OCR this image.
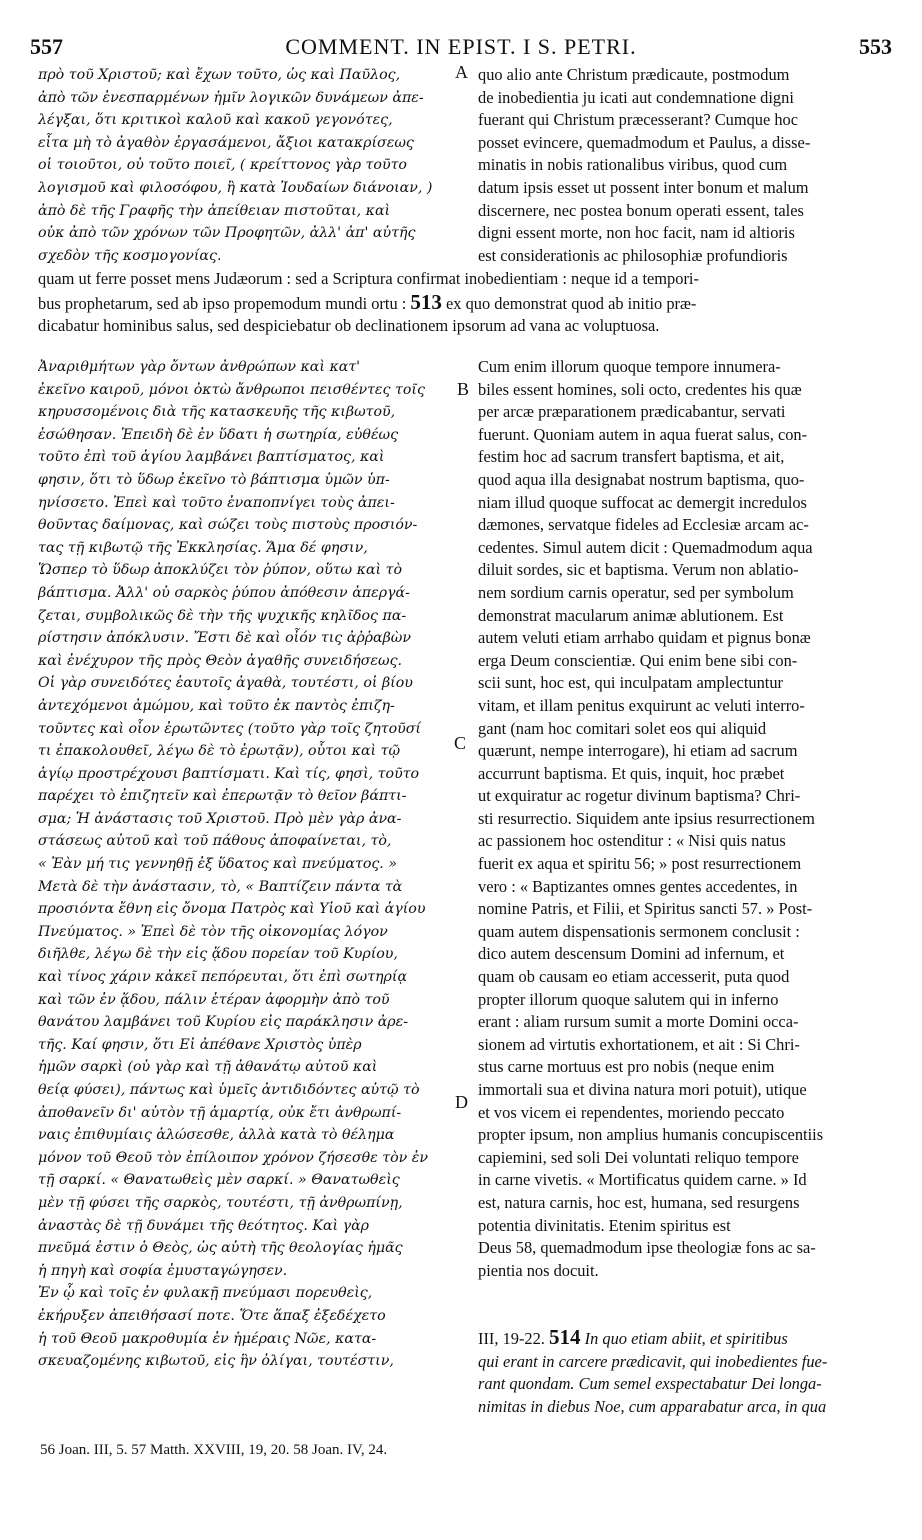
557	COMMENT. IN EPIST. I S. PETRI.	553
A
B
C
D
πρὸ τοῦ Χριστοῦ; καὶ ἔχων τοῦτο, ὡς καὶ Παῦλος,
ἀπὸ τῶν ἐνεσπαρμένων ἡμῖν λογικῶν δυνάμεων ἀπε-
λέγξαι, ὅτι κριτικοὶ καλοῦ καὶ κακοῦ γεγονότες,
εἶτα μὴ τὸ ἀγαθὸν ἐργασάμενοι, ἄξιοι κατακρίσεως
οἱ τοιοῦτοι, οὐ τοῦτο ποιεῖ, ( κρείττονος γὰρ τοῦτο
λογισμοῦ καὶ φιλοσόφου, ἢ κατὰ Ἰουδαίων διάνοιαν, )
ἀπὸ δὲ τῆς Γραφῆς τὴν ἀπείθειαν πιστοῦται, καὶ
οὐκ ἀπὸ τῶν χρόνων τῶν Προφητῶν, ἀλλ' ἀπ' αὐτῆς
σχεδὸν τῆς κοσμογονίας.
quo alio ante Christum prædicaute, postmodum
de inobedientia ju icati aut condemnatione digni
fuerant qui Christum præcesserant? Cumque hoc
posset evincere, quemadmodum et Paulus, a disse-
minatis in nobis rationalibus viribus, quod cum
datum ipsis esset ut possent inter bonum et malum
discernere, nec postea bonum operati essent, tales
digni essent morte, non hoc facit, nam id altioris
est considerationis ac philosophiæ profundioris
quam ut ferre posset mens Judæorum : sed a Scriptura confirmat inobedientiam : neque id a tempori-
bus prophetarum, sed ab ipso propemodum mundi ortu : 513 ex quo demonstrat quod ab initio præ-
dicabatur hominibus salus, sed despiciebatur ob declinationem ipsorum ad vana ac voluptuosa.
Ἀναριθμήτων γὰρ ὄντων ἀνθρώπων καὶ κατ'
ἐκεῖνο καιροῦ, μόνοι ὀκτὼ ἄνθρωποι πεισθέντες τοῖς
κηρυσσομένοις διὰ τῆς κατασκευῆς τῆς κιβωτοῦ,
ἐσώθησαν. Ἐπειδὴ δὲ ἐν ὕδατι ἡ σωτηρία, εὐθέως
τοῦτο ἐπὶ τοῦ ἁγίου λαμβάνει βαπτίσματος, καὶ
φησιν, ὅτι τὸ ὕδωρ ἐκεῖνο τὸ βάπτισμα ὑμῶν ὑπ-
ηνίσσετο. Ἐπεὶ καὶ τοῦτο ἐναποπνίγει τοὺς ἀπει-
θοῦντας δαίμονας, καὶ σώζει τοὺς πιστοὺς προσιόν-
τας τῇ κιβωτῷ τῆς Ἐκκλησίας. Ἅμα δέ φησιν,
Ὥσπερ τὸ ὕδωρ ἀποκλύζει τὸν ῥύπον, οὕτω καὶ τὸ
βάπτισμα. Ἀλλ' οὐ σαρκὸς ῥύπου ἀπόθεσιν ἀπεργά-
ζεται, συμβολικῶς δὲ τὴν τῆς ψυχικῆς κηλῖδος πα-
ρίστησιν ἀπόκλυσιν. Ἔστι δὲ καὶ οἷόν τις ἀῤῥαβὼν
καὶ ἐνέχυρον τῆς πρὸς Θεὸν ἀγαθῆς συνειδήσεως.
Οἱ γὰρ συνειδότες ἑαυτοῖς ἀγαθὰ, τουτέστι, οἱ βίου
ἀντεχόμενοι ἀμώμου, καὶ τοῦτο ἐκ παντὸς ἐπιζη-
τοῦντες καὶ οἷον ἐρωτῶντες (τοῦτο γὰρ τοῖς ζητοῦσί
τι ἐπακολουθεῖ, λέγω δὲ τὸ ἐρωτᾷν), οὗτοι καὶ τῷ
ἁγίῳ προστρέχουσι βαπτίσματι. Καὶ τίς, φησὶ, τοῦτο
παρέχει τὸ ἐπιζητεῖν καὶ ἐπερωτᾷν τὸ θεῖον βάπτι-
σμα; Ἡ ἀνάστασις τοῦ Χριστοῦ. Πρὸ μὲν γὰρ ἀνα-
στάσεως αὐτοῦ καὶ τοῦ πάθους ἀποφαίνεται, τὸ,
« Ἐὰν μή τις γεννηθῇ ἐξ ὕδατος καὶ πνεύματος. »
Μετὰ δὲ τὴν ἀνάστασιν, τὸ, « Βαπτίζειν πάντα τὰ
προσιόντα ἔθνη εἰς ὄνομα Πατρὸς καὶ Υἱοῦ καὶ ἁγίου
Πνεύματος. » Ἐπεὶ δὲ τὸν τῆς οἰκονομίας λόγον
διῆλθε, λέγω δὲ τὴν εἰς ᾅδου πορείαν τοῦ Κυρίου,
καὶ τίνος χάριν κἀκεῖ πεπόρευται, ὅτι ἐπὶ σωτηρίᾳ
καὶ τῶν ἐν ᾅδου, πάλιν ἑτέραν ἀφορμὴν ἀπὸ τοῦ
θανάτου λαμβάνει τοῦ Κυρίου εἰς παράκλησιν ἀρε-
τῆς. Καί φησιν, ὅτι Εἰ ἀπέθανε Χριστὸς ὑπὲρ
ἡμῶν σαρκὶ (οὐ γὰρ καὶ τῇ ἀθανάτῳ αὐτοῦ καὶ
θείᾳ φύσει), πάντως καὶ ὑμεῖς ἀντιδιδόντες αὐτῷ τὸ
ἀποθανεῖν δι' αὐτὸν τῇ ἁμαρτίᾳ, οὐκ ἔτι ἀνθρωπί-
ναις ἐπιθυμίαις ἁλώσεσθε, ἀλλὰ κατὰ τὸ θέλημα
μόνον τοῦ Θεοῦ τὸν ἐπίλοιπον χρόνον ζήσεσθε τὸν ἐν
τῇ σαρκί. « Θανατωθεὶς μὲν σαρκί. » Θανατωθεὶς
μὲν τῇ φύσει τῆς σαρκὸς, τουτέστι, τῇ ἀνθρωπίνῃ,
ἀναστὰς δὲ τῇ δυνάμει τῆς θεότητος. Καὶ γὰρ
πνεῦμά ἐστιν ὁ Θεὸς, ὡς αὐτὴ τῆς θεολογίας ἡμᾶς
ἡ πηγὴ καὶ σοφία ἐμυσταγώγησεν.
Ἐν ᾧ καὶ τοῖς ἐν φυλακῇ πνεύμασι πορευθεὶς,
ἐκήρυξεν ἀπειθήσασί ποτε. Ὅτε ἅπαξ ἐξεδέχετο
ἡ τοῦ Θεοῦ μακροθυμία ἐν ἡμέραις Νῶε, κατα-
σκευαζομένης κιβωτοῦ, εἰς ἣν ὀλίγαι, τουτέστιν,
Cum enim illorum quoque tempore innumera-
biles essent homines, soli octo, credentes his quæ
per arcæ præparationem prædicabantur, servati
fuerunt. Quoniam autem in aqua fuerat salus, con-
festim hoc ad sacrum transfert baptisma, et ait,
quod aqua illa designabat nostrum baptisma, quo-
niam illud quoque suffocat ac demergit incredulos
dæmones, servatque fideles ad Ecclesiæ arcam ac-
cedentes. Simul autem dicit : Quemadmodum aqua
diluit sordes, sic et baptisma. Verum non ablatio-
nem sordium carnis operatur, sed per symbolum
demonstrat macularum animæ ablutionem. Est
autem veluti etiam arrhabo quidam et pignus bonæ
erga Deum conscientiæ. Qui enim bene sibi con-
scii sunt, hoc est, qui inculpatam amplectuntur
vitam, et illam penitus exquirunt ac veluti interro-
gant (nam hoc comitari solet eos qui aliquid
quærunt, nempe interrogare), hi etiam ad sacrum
accurrunt baptisma. Et quis, inquit, hoc præbet
ut exquiratur ac rogetur divinum baptisma? Chri-
sti resurrectio. Siquidem ante ipsius resurrectionem
ac passionem hoc ostenditur : « Nisi quis natus
fuerit ex aqua et spiritu 56; » post resurrectionem
vero : « Baptizantes omnes gentes accedentes, in
nomine Patris, et Filii, et Spiritus sancti 57. » Post-
quam autem dispensationis sermonem conclusit :
dico autem descensum Domini ad infernum, et
quam ob causam eo etiam accesserit, puta quod
propter illorum quoque salutem qui in inferno
erant : aliam rursum sumit a morte Domini occa-
sionem ad virtutis exhortationem, et ait : Si Chri-
stus carne mortuus est pro nobis (neque enim
immortali sua et divina natura mori potuit), utique
et vos vicem ei rependentes, moriendo peccato
propter ipsum, non amplius humanis concupiscentiis
capiemini, sed soli Dei voluntati reliquo tempore
in carne vivetis. « Mortificatus quidem carne. » Id
est, natura carnis, hoc est, humana, sed resurgens
potentia divinitatis. Etenim spiritus est
Deus 58, quemadmodum ipse theologiæ fons ac sa-
pientia nos docuit.
III, 19-22. 514 In quo etiam abiit, et spiritibus
qui erant in carcere prædicavit, qui inobedientes fue-
rant quondam. Cum semel exspectabatur Dei longa-
nimitas in diebus Noe, cum apparabatur arca, in qua
56 Joan. III, 5. 57 Matth. XXVIII, 19, 20. 58 Joan. IV, 24.
